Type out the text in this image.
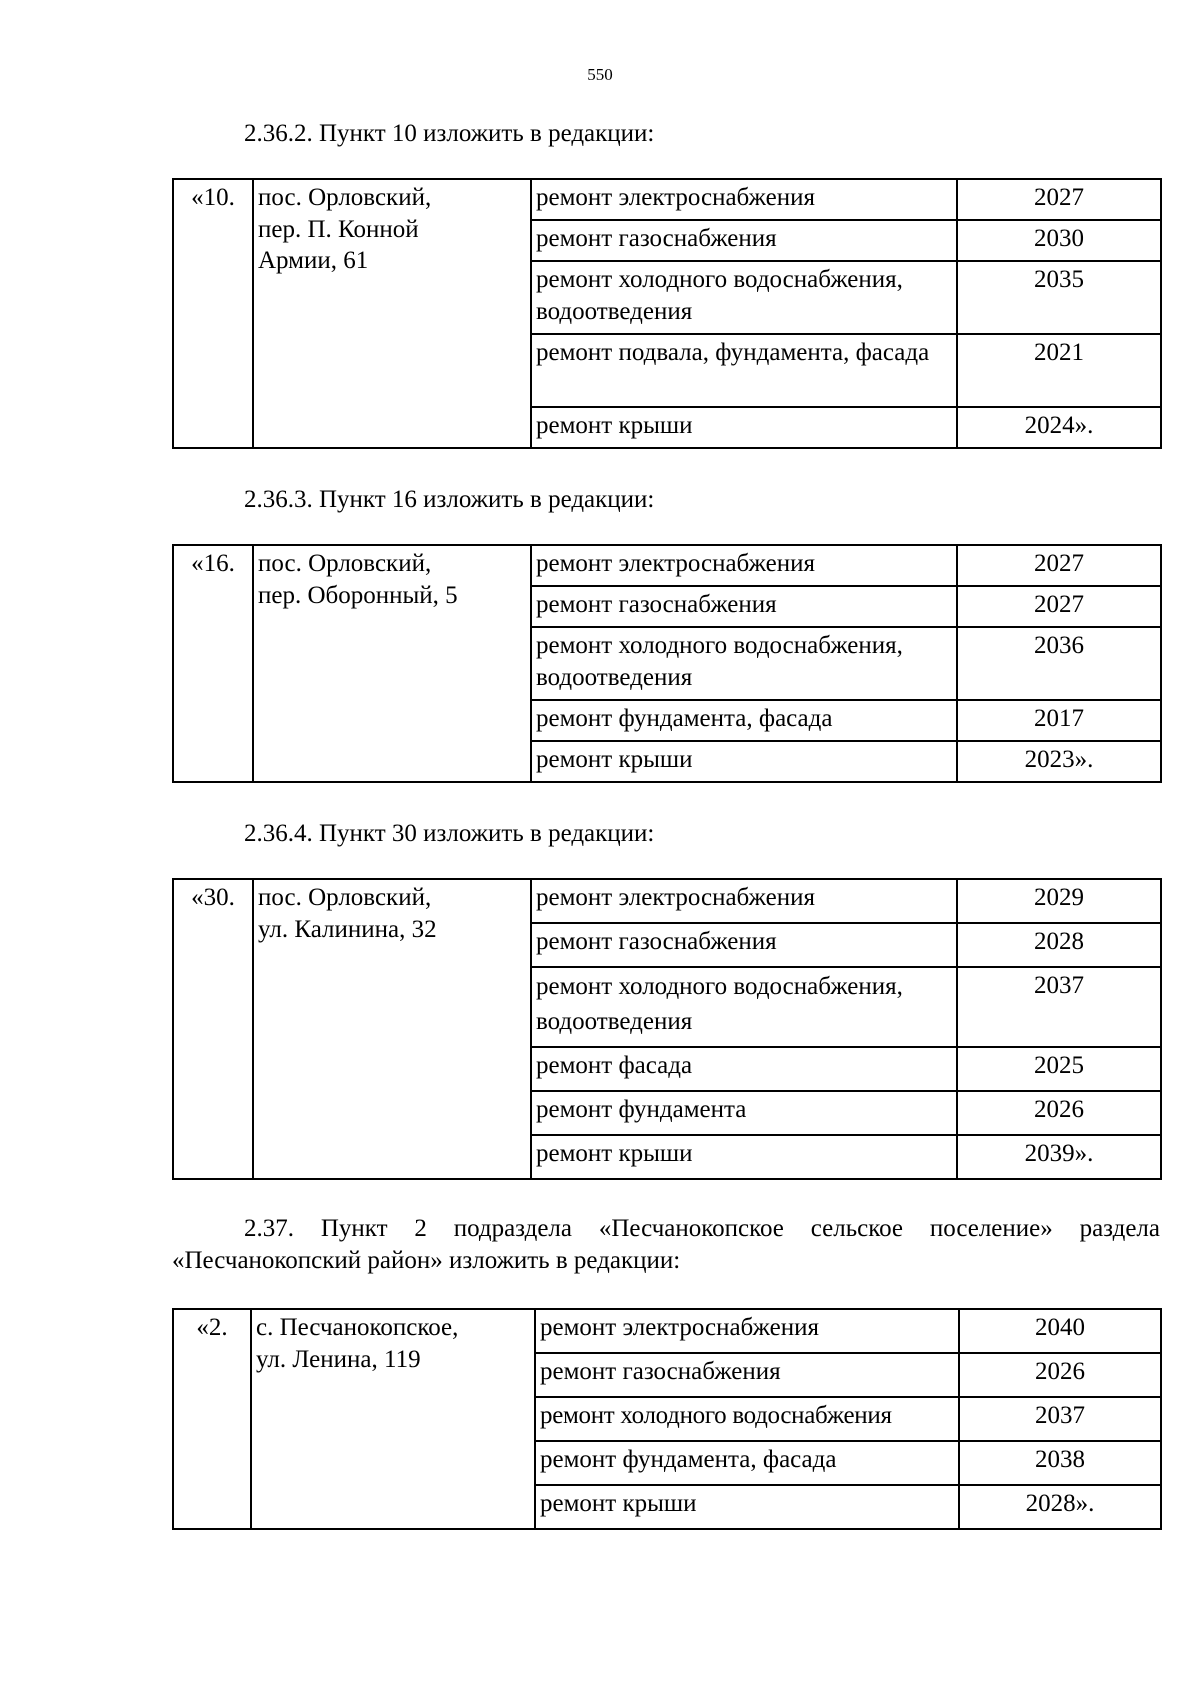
550

2.36.2. Пункт 10 изложить в редакции:

«10.	пос. Орловский,
пер. П. Конной
Армии, 61	ремонт электроснабжения	2027
		ремонт газоснабжения	2030
		ремонт холодного водоснабжения, водоотведения	2035
		ремонт подвала, фундамента, фасада	2021
		ремонт крыши	2024».

2.36.3. Пункт 16 изложить в редакции:

«16.	пос. Орловский,
пер. Оборонный, 5	ремонт электроснабжения	2027
		ремонт газоснабжения	2027
		ремонт холодного водоснабжения, водоотведения	2036
		ремонт фундамента, фасада	2017
		ремонт крыши	2023».

2.36.4. Пункт 30 изложить в редакции:

«30.	пос. Орловский,
ул. Калинина, 32	ремонт электроснабжения	2029
		ремонт газоснабжения	2028
		ремонт холодного водоснабжения, водоотведения	2037
		ремонт фасада	2025
		ремонт фундамента	2026
		ремонт крыши	2039».

2.37. Пункт 2 подраздела «Песчанокопское сельское поселение» раздела «Песчанокопский район» изложить в редакции:

«2.	с. Песчанокопское,
ул. Ленина, 119	ремонт электроснабжения	2040
		ремонт газоснабжения	2026
		ремонт холодного водоснабжения	2037
		ремонт фундамента, фасада	2038
		ремонт крыши	2028».
